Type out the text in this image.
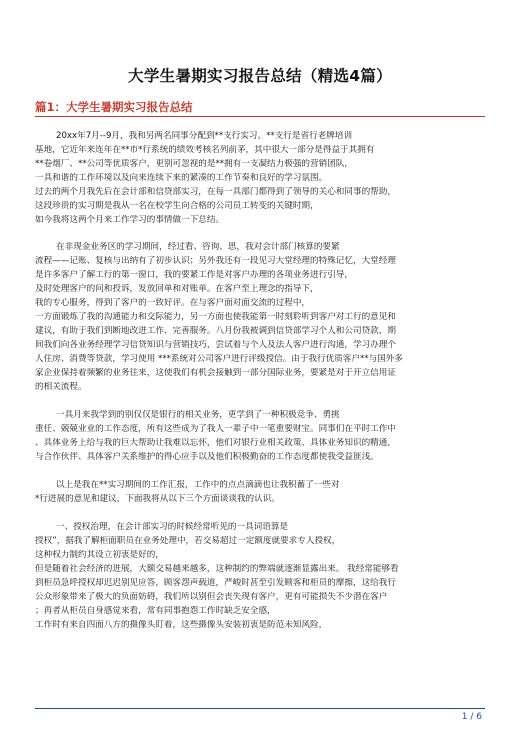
大学生暑期实习报告总结（精选4篇）
篇1：大学生暑期实习报告总结
20xx年7月--9月，我和另两名同事分配到**支行实习。**支行是省行老牌培训
基地，它近年来连年在**市*行系统的绩效考核名列前茅，其中很大一部分是得益于其拥有
**卷烟厂、**公司等优质客户，更别可忽视的是**拥有一支凝结力极强的营销团队，
一具和谐的工作环境以及向来连续下来的紧凑的工作节奏和良好的学习氛围。
过去的两个月我先后在会计部和信贷部实习，在每一具部门都得到了领导的关心和同事的帮助，
这段珍贵的实习期是我从一名在校学生向合格的公司员工转变的关键时期，
如今我将这两个月来工作学习的事情做一下总结。
在非现金业务区的学习期间，经过看、咨询、思，我对会计部门核算的要紧
流程——记账、复核与出纳有了初步认识；另外我还有一段见习大堂经理的特殊记忆，大堂经理
是许多客户了解工行的第一窗口，我的要紧工作是对客户办理的各项业务进行引导，
及时处理客户的问和投诉，发放回单和对账单。在客户至上理念的指导下，
我的专心服务，得到了客户的一致好评。在与客户面对面交流的过程中，
一方面锻炼了我的沟通能力和交际能力，另一方面也使我能第一时刻聆听到客户对工行的意见和
建议，有助于我们到断地改进工作、完善服务。八月份我被调到信贷部学习个人和公司贷款，期
间我们向各业务经理学习信贷知识与营销技巧，尝试着与个人及法人客户进行沟通，学习办理个
人住房、消费等贷款，学习使用 ***系统对公司客户进行评级授信。由于我行优质客户**与国外多
家企业保持着频繁的业务往来，这使我们有机会接触到一部分国际业务，要紧是对于开立信用证
的相关流程。
一具月来我学到的别仅仅是银行的相关业务，更学到了一种积极竞争、勇挑
重任、兢兢业业的工作态度，所有这些成为了我人一辈子中一笔重要财宝。同事们在平时工作中
、具体业务上给与我的巨大帮助让我难以忘怀，他们对银行业相关政策、具体业务知识的精通，
与合作伙伴、具体客户关系维护的得心应手以及他们积极勤奋的工作态度都使我受益匪浅。
以上是我在**实习期间的工作汇报，工作中的点点滴滴也让我积蓄了一些对
*行进展的意见和建议，下面我将从以下三个方面谈谈我的认识。
一、授权治理，在会计部实习的时候经常听见的一具词语算是
授权”，据我了解柜面职员在业务处理中，若交易超过一定额度就要求专人授权，
这种权力制约其设立初衷是好的，
但是随着社会经济的进展，大额交易越来越多，这种制约的弊端就逐渐显露出来。 我经常能够看
到柜员急呼授权却迟迟别见应答，顾客怨声载道，严峻时甚至引发顾客和柜员的摩擦，这给我行
公众形象带来了极大的负面妨碍，我们所以别但会丧失现有客户，更有可能损失不少潜在客户
；再者从柜员自身感觉来看，常有同事抱怨工作时缺乏安全感，
工作时有来自四面八方的摄像头盯着，这些摄像头安装初衷是防范未知风险，
1 / 6
